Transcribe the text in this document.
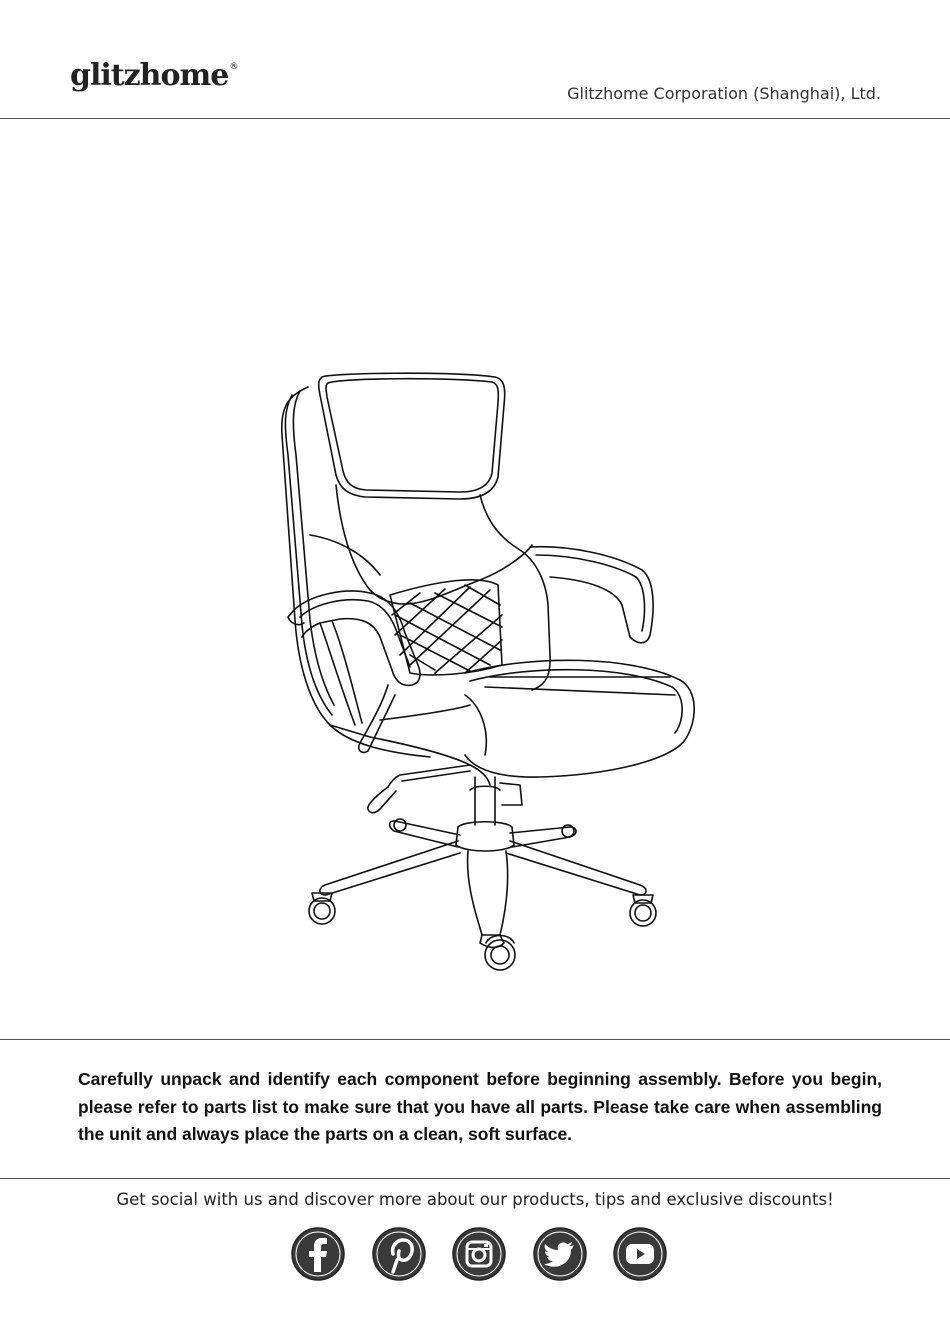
glitzhome®
Glitzhome Corporation (Shanghai), Ltd.
Carefully unpack and identify each component before beginning assembly. Before you begin, please refer to parts list to make sure that you have all parts. Please take care when assembling the unit and always place the parts on a clean, soft surface.
Get social with us and discover more about our products, tips and exclusive discounts!
